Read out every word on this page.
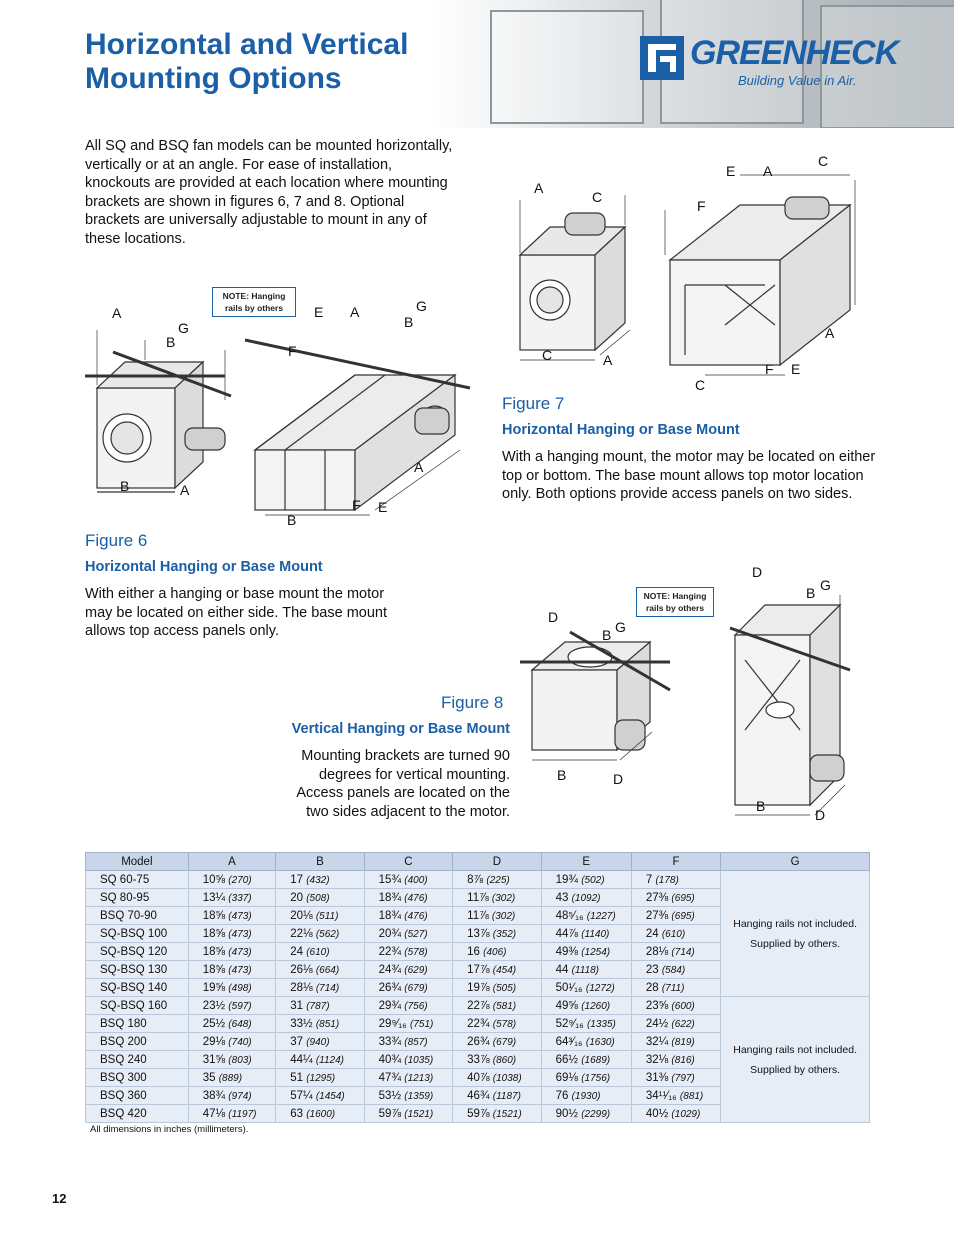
Horizontal and Vertical Mounting Options
GREENHECK
Building Value in Air.

All SQ and BSQ fan models can be mounted horizontally, vertically or at an angle. For ease of installation, knockouts are provided at each location where mounting brackets are shown in figures 6, 7 and 8. Optional brackets are universally adjustable to mount in any of these locations.

NOTE: Hanging rails by others
A
G
B
B	A
E A	G
B
F
A
F E
B
Figure 6
Horizontal Hanging or Base Mount

With either a hanging or base mount the motor may be located on either side. The base mount allows top access panels only.

A
C
C	A
E A
C
F
A
F E
C
Figure 7
Horizontal Hanging or Base Mount

With a hanging mount, the motor may be located on either top or bottom. The base mount allows top motor location only. Both options provide access panels on two sides.

NOTE: Hanging rails by others
D
B G
B	D
D
G
B
B
D
Figure 8
Vertical Hanging or Base Mount

Mounting brackets are turned 90 degrees for vertical mounting. Access panels are located on the two sides adjacent to the motor.

Model	A	B	C	D	E	F	G
SQ 60-75	10⅝ (270)	17 (432)	15¾ (400)	8⅞ (225)	19¾ (502)	7 (178)	Hanging rails not included.
Supplied by others.

SQ 80-95	13¼ (337)	20 (508)	18¾ (476)	11⅞ (302)	43 (1092)	27⅜ (695)	
BSQ 70-90	18⅝ (473)	20⅛ (511)	18¾ (476)	11⅞ (302)	48⁵⁄₁₆ (1227)	27⅜ (695)	
SQ-BSQ 100	18⅝ (473)	22⅛ (562)	20¾ (527)	13⅞ (352)	44⅞ (1140)	24 (610)	
SQ-BSQ 120	18⅝ (473)	24 (610)	22¾ (578)	16 (406)	49⅜ (1254)	28⅛ (714)	
SQ-BSQ 130	18⅝ (473)	26⅛ (664)	24¾ (629)	17⅞ (454)	44 (1118)	23 (584)	
SQ-BSQ 140	19⅝ (498)	28⅛ (714)	26¾ (679)	19⅞ (505)	50¹⁄₁₆ (1272)	28 (711)	
SQ-BSQ 160	23½ (597)	31 (787)	29¾ (756)	22⅞ (581)	49⅝ (1260)	23⅝ (600)	Hanging rails not included.
Supplied by others.

BSQ 180	25½ (648)	33½ (851)	29⁹⁄₁₆ (751)	22¾ (578)	52⁹⁄₁₆ (1335)	24½ (622)	
BSQ 200	29⅛ (740)	37 (940)	33¾ (857)	26¾ (679)	64³⁄₁₆ (1630)	32¼ (819)	
BSQ 240	31⅝ (803)	44¼ (1124)	40¾ (1035)	33⅞ (860)	66½ (1689)	32⅛ (816)	
BSQ 300	35 (889)	51 (1295)	47¾ (1213)	40⅞ (1038)	69⅛ (1756)	31⅜ (797)	
BSQ 360	38¾ (974)	57¼ (1454)	53½ (1359)	46¾ (1187)	76 (1930)	34¹¹⁄₁₆ (881)	
BSQ 420	47⅛ (1197)	63 (1600)	59⅞ (1521)	59⅞ (1521)	90½ (2299)	40½ (1029)	
All dimensions in inches (millimeters).
12
